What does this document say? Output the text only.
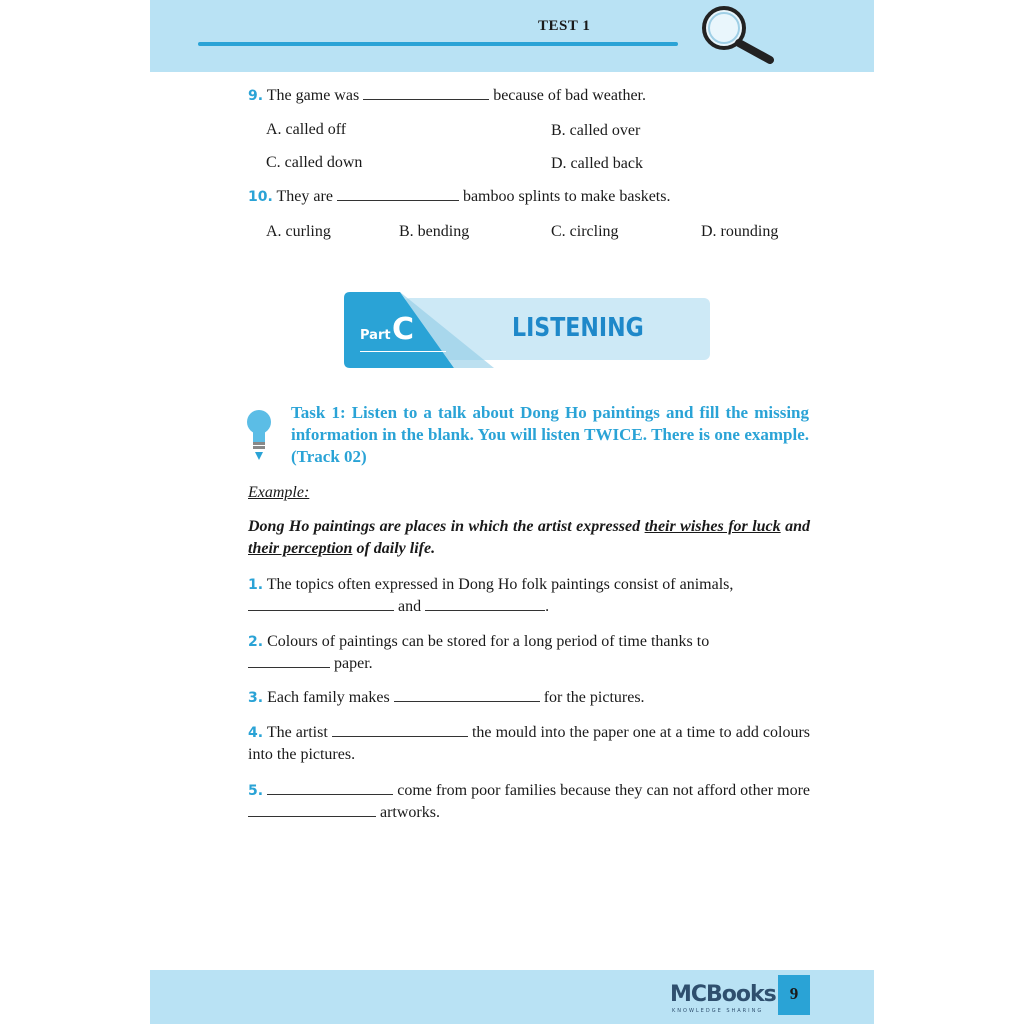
TEST 1
9. The game was	because of bad weather.
A. called off	B. called over
C. called down	D. called back
10. They are	bamboo splints to make baskets.
A. curling	B. bending	C. circling	D. rounding
Part C	LISTENING
Task 1: Listen to a talk about Dong Ho paintings and fill the missing information in the blank. You will listen TWICE. There is one example. (Track 02)
Example:
Dong Ho paintings are places in which the artist expressed their wishes for luck and their perception of daily life.
1. The topics often expressed in Dong Ho folk paintings consist of animals,
and	.
2. Colours of paintings can be stored for a long period of time thanks to
paper.
3. Each family makes	for the pictures.
4. The artist	the mould into the paper one at a time to add colours into the pictures.
5.	come from poor families because they can not afford other more  artworks.
MCBooks
KNOWLEDGE SHARING
9
